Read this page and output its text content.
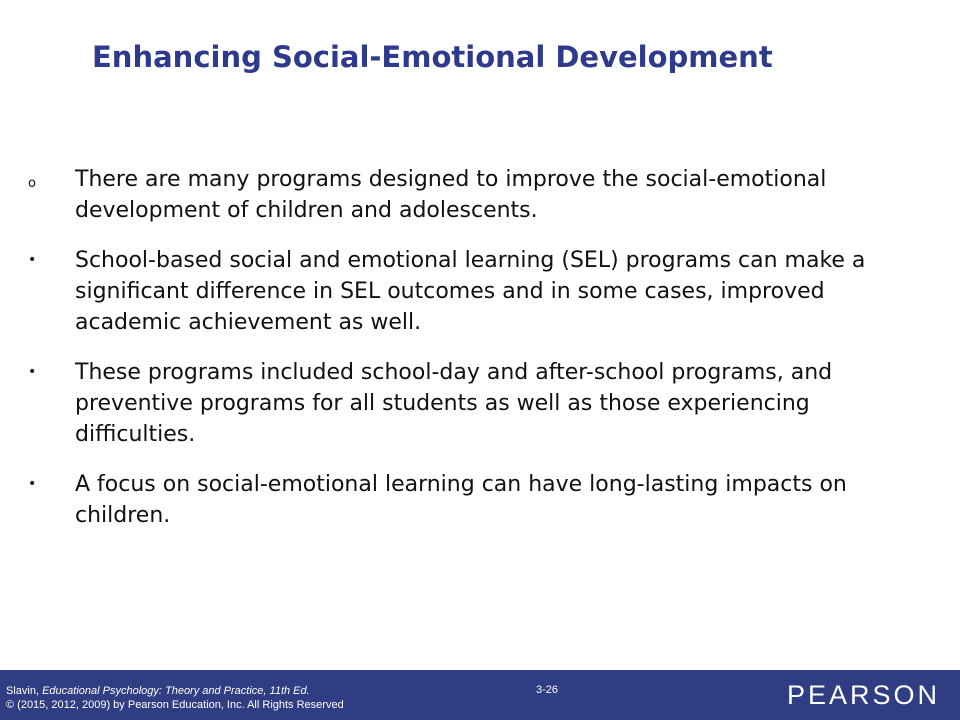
Enhancing Social-Emotional Development
o	There are many programs designed to improve the social-emotional development of children and adolescents.
•	School-based social and emotional learning (SEL) programs can make a significant difference in SEL outcomes and in some cases, improved academic achievement as well.
•	These programs included school-day and after-school programs, and preventive programs for all students as well as those experiencing difficulties.
•	A focus on social-emotional learning can have long-lasting impacts on children.
Slavin, Educational Psychology: Theory and Practice, 11th Ed.
© (2015, 2012, 2009) by Pearson Education, Inc. All Rights Reserved
3-26	PEARSON
